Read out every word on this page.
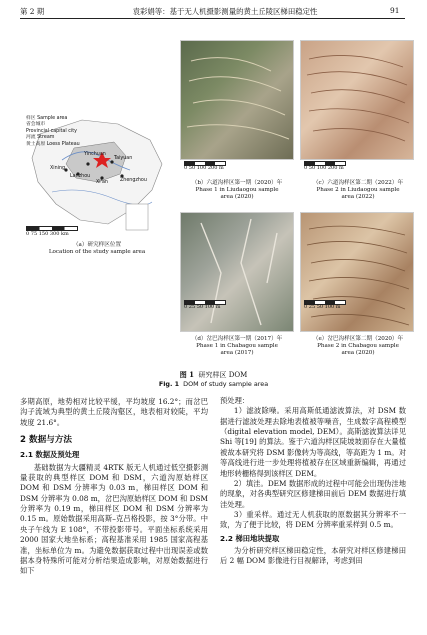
第 2 期	袁彩娟等：基于无人机摄影测量的黄土丘陵区梯田稳定性	91
样区 Sample area
省会城市
Provincial capital city
河流 Stream
黄土高原 Loess Plateau
Yinchuan
Taiyuan
Lanzhou
Xi'an	Zhengzhou
Xining
0 75 150 300 km
（a）研究样区位置
Location of the study sample area
0 50 100 200 m
（b）六道沟样区第一期（2020）年
Phase 1 in Liudaogou sample
area (2020)
0 50 100 200 m
（c）六道沟样区第二期（2022）年
Phase 2 in Liudaogou sample
area (2022)
0 25 50 100 m
（d）岔巴沟样区第一期（2017）年
Phase 1 in Chabagou sample
area (2017)
0 25 50 100 m
（e）岔巴沟样区第二期（2020）年
Phase 2 in Chabagou sample
area (2020)
图 1 研究样区 DOM
Fig. 1 DOM of study sample area

多期高原，地势相对比较平缓，平均坡度 16.2°；而岔巴沟子流域为典型的黄土丘陵沟壑区，地表相对较陡，平均坡度 21.6°。

2 数据与方法
2.1 数据及预处理

基础数据为大疆精灵 4RTK 版无人机通过低空摄影测量获取的典型样区 DOM 和 DSM，六道沟原始样区 DOM 和 DSM 分辨率为 0.03 m，梯田样区 DOM 和 DSM 分辨率为 0.08 m，岔巴沟原始样区 DOM 和 DSM 分辨率为 0.19 m，梯田样区 DOM 和 DSM 分辨率为 0.15 m。原始数据采用高斯–克吕格投影，按 3°分带。中央子午线为 E 108°，不带投影带号。平面坐标系统采用 2000 国家大地坐标系；高程基准采用 1985 国家高程基准，坐标单位为 m。为避免数据获取过程中出现误差或数据本身特殊所可能对分析结果造成影响，对原始数据进行如下

预处理：

1）滤波除噪。采用高斯低通滤波算法，对 DSM 数据进行滤波处理去除地表植被等噪音，生成数字高程模型（digital elevation model, DEM）。高斯滤波算法详见 Shi 等[19] 的算法。鉴于六道沟样区陡坡坡面存在大量植被故本研究将 DSM 影像转为等高线，等高距为 1 m。对等高线进行进一步处理将植被存在区域重新编辑，再通过地形转栅格得到该样区 DEM。

2）填洼。DEM 数据形成的过程中可能会出现伪洼地的现象，对各典型研究区修建梯田前后 DEM 数据进行填洼处理。

3）重采样。通过无人机获取的原数据其分辨率不一致，为了便于比较，将 DEM 分辨率重采样到 0.5 m。

2.2 梯田地块提取

为分析研究样区梯田稳定性，本研究对样区修建梯田后 2 幅 DOM 影像进行目视解译，考虑到田
